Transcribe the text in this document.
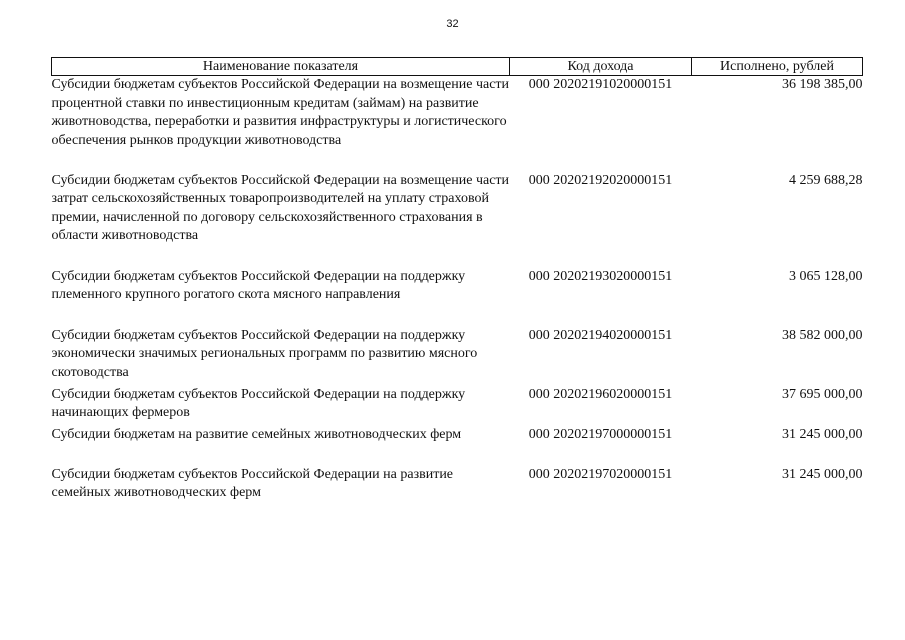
32
Наименование показателя	Код дохода	Исполнено, рублей
Субсидии бюджетам субъектов Российской Федерации на возмещение части процентной ставки по инвестиционным кредитам (займам) на развитие животноводства, переработки и развития инфраструктуры и логистического обеспечения рынков продукции животноводства	000 20202191020000151	36 198 385,00
Субсидии бюджетам субъектов Российской Федерации на возмещение части затрат сельскохозяйственных товаропроизводителей на уплату страховой премии, начисленной по договору сельскохозяйственного страхования в области животноводства	000 20202192020000151	4 259 688,28
Субсидии бюджетам субъектов Российской Федерации на поддержку племенного крупного рогатого скота мясного направления	000 20202193020000151	3 065 128,00
Субсидии бюджетам субъектов Российской Федерации на поддержку экономически значимых региональных программ по развитию мясного скотоводства	000 20202194020000151	38 582 000,00
Субсидии бюджетам субъектов Российской Федерации на поддержку начинающих фермеров	000 20202196020000151	37 695 000,00
Субсидии бюджетам на развитие семейных животноводческих ферм	000 20202197000000151	31 245 000,00
Субсидии бюджетам субъектов Российской Федерации на развитие семейных животноводческих ферм	000 20202197020000151	31 245 000,00
